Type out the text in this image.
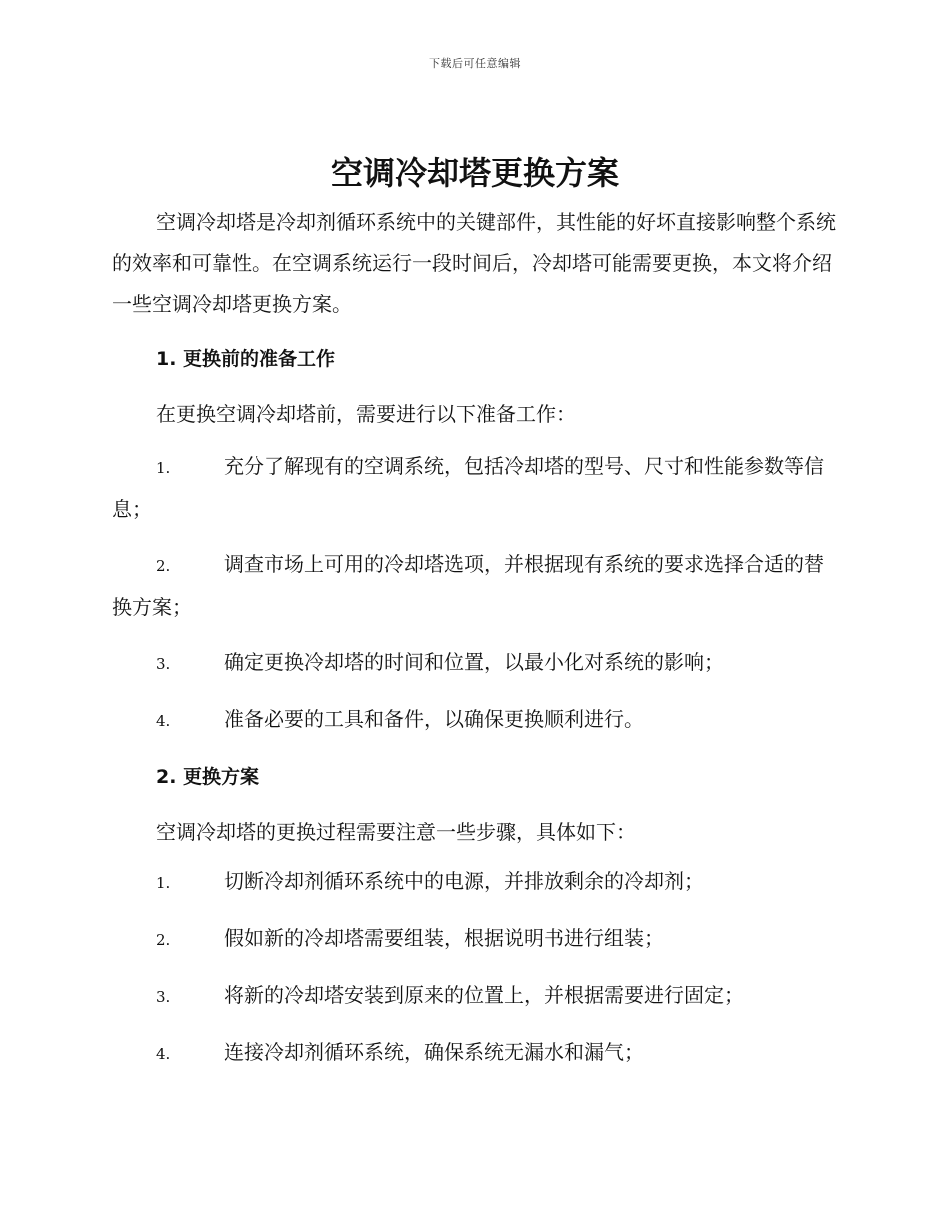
下载后可任意编辑
空调冷却塔更换方案

空调冷却塔是冷却剂循环系统中的关键部件，其性能的好坏直接影响整个系统的效率和可靠性。在空调系统运行一段时间后，冷却塔可能需要更换，本文将介绍一些空调冷却塔更换方案。

1. 更换前的准备工作

在更换空调冷却塔前，需要进行以下准备工作：

1.	充分了解现有的空调系统，包括冷却塔的型号、尺寸和性能参数等信息；

2.	调查市场上可用的冷却塔选项，并根据现有系统的要求选择合适的替换方案；

3.	确定更换冷却塔的时间和位置，以最小化对系统的影响；

4.	准备必要的工具和备件，以确保更换顺利进行。

2. 更换方案

空调冷却塔的更换过程需要注意一些步骤，具体如下：

1.	切断冷却剂循环系统中的电源，并排放剩余的冷却剂；

2.	假如新的冷却塔需要组装，根据说明书进行组装；

3.	将新的冷却塔安装到原来的位置上，并根据需要进行固定；

4.	连接冷却剂循环系统，确保系统无漏水和漏气；
